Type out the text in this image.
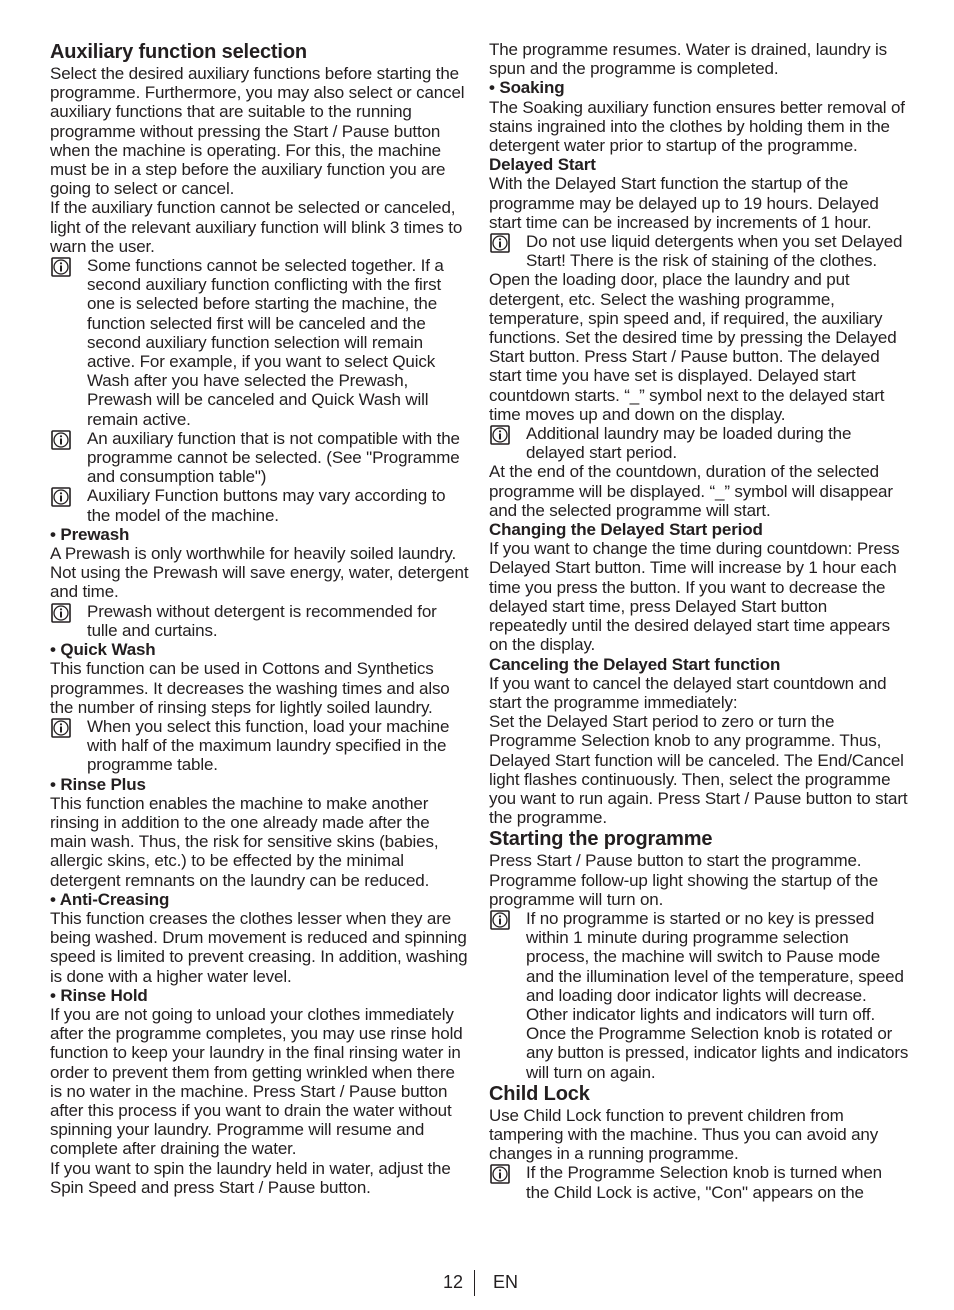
Auxiliary function selection

Select the desired auxiliary functions before starting the programme. Furthermore, you may also select or cancel auxiliary functions that are suitable to the running programme without pressing the Start / Pause button when the machine is operating. For this, the machine must be in a step before the auxiliary function you are going to select or cancel.

If the auxiliary function cannot be selected or canceled, light of the relevant auxiliary function will blink 3 times to warn the user.

Some functions cannot be selected together. If a second auxiliary function conflicting with the first one is selected before starting the machine, the function selected first will be canceled and the second auxiliary function selection will remain active. For example, if you want to select Quick Wash after you have selected the Prewash, Prewash will be canceled and Quick Wash will remain active.

An auxiliary function that is not compatible with the programme cannot be selected. (See "Programme and consumption table")

Auxiliary Function buttons may vary according to the model of the machine.

• Prewash

A Prewash is only worthwhile for heavily soiled laundry. Not using the Prewash will save energy, water, detergent and time.

Prewash without detergent is recommended for tulle and curtains.

• Quick Wash

This function can be used in Cottons and Synthetics programmes. It decreases the washing times and also the number of rinsing steps for lightly soiled laundry.

When you select this function, load your machine with half of the maximum laundry specified in the programme table.

• Rinse Plus

This function enables the machine to make another rinsing in addition to the one already made after the main wash. Thus, the risk for sensitive skins (babies, allergic skins, etc.) to be effected by the minimal detergent remnants on the laundry can be reduced.

• Anti-Creasing

This function creases the clothes lesser when they are being washed. Drum movement is reduced and spinning speed is limited to prevent creasing. In addition, washing is done with a higher water level.

• Rinse Hold

If you are not going to unload your clothes immediately after the programme completes, you may use rinse hold function to keep your laundry in the final rinsing water in order to prevent them from getting wrinkled when there is no water in the machine. Press Start / Pause button after this process if you want to drain the water without spinning your laundry. Programme will resume and complete after draining the water.

If you want to spin the laundry held in water, adjust the Spin Speed and press Start / Pause button.

The programme resumes. Water is drained, laundry is spun and the programme is completed.

• Soaking

The Soaking auxiliary function ensures better removal of stains ingrained into the clothes by holding them in the detergent water prior to startup of the programme.

Delayed Start

With the Delayed Start function the startup of the programme may be delayed up to 19 hours. Delayed start time can be increased by increments of 1 hour.

Do not use liquid detergents when you set Delayed Start! There is the risk of staining of the clothes.

Open the loading door, place the laundry and put detergent, etc. Select the washing programme, temperature, spin speed and, if required, the auxiliary functions. Set the desired time by pressing the Delayed Start button. Press Start / Pause button. The delayed start time you have set is displayed. Delayed start countdown starts. “_” symbol next to the delayed start time moves up and down on the display.

Additional laundry may be loaded during the delayed start period.

At the end of the countdown, duration of the selected programme will be displayed. “_” symbol will disappear and the selected programme will start.

Changing the Delayed Start period

If you want to change the time during countdown: Press Delayed Start button. Time will increase by 1 hour each time you press the button. If you want to decrease the delayed start time, press Delayed Start button repeatedly until the desired delayed start time appears on the display.

Canceling the Delayed Start function

If you want to cancel the delayed start countdown and start the programme immediately:

Set the Delayed Start period to zero or turn the Programme Selection knob to any programme. Thus, Delayed Start function will be canceled. The End/Cancel light flashes continuously. Then, select the programme you want to run again. Press Start / Pause button to start the programme.

Starting the programme

Press Start / Pause button to start the programme. Programme follow-up light showing the startup of the programme will turn on.

If no programme is started or no key is pressed within 1 minute during programme selection process, the machine will switch to Pause mode and the illumination level of the temperature, speed and loading door indicator lights will decrease. Other indicator lights and indicators will turn off. Once the Programme Selection knob is rotated or any button is pressed, indicator lights and indicators will turn on again.

Child Lock

Use Child Lock function to prevent children from tampering with the machine. Thus you can avoid any changes in a running programme.

If the Programme Selection knob is turned when the Child Lock is active, "Con" appears on the

12 EN
